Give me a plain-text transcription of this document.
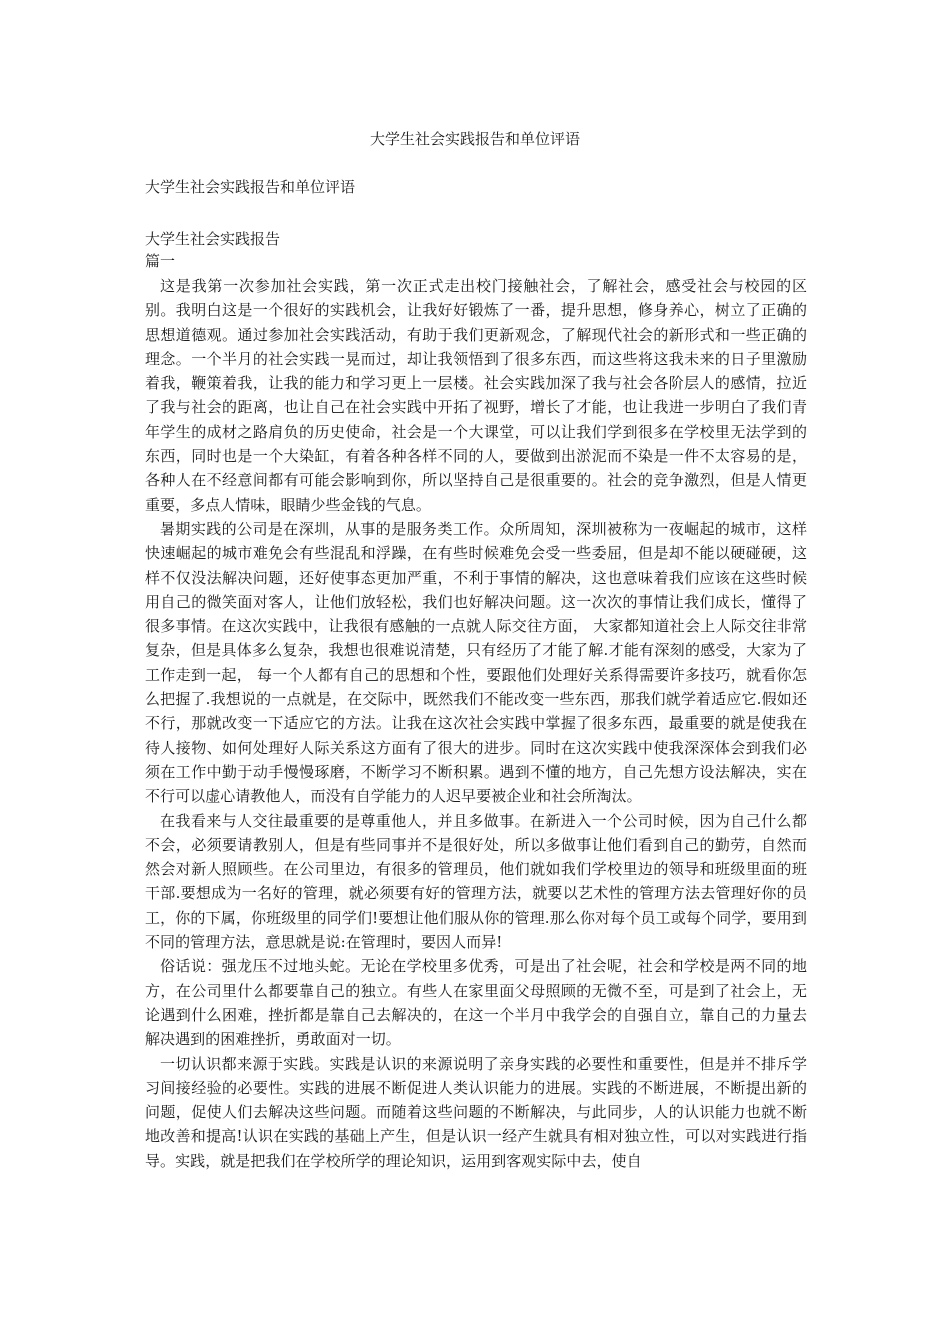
大学生社会实践报告和单位评语
大学生社会实践报告和单位评语
大学生社会实践报告
篇一

这是我第一次参加社会实践，第一次正式走出校门接触社会，了解社会，感受社会与校园的区别。我明白这是一个很好的实践机会，让我好好锻炼了一番，提升思想，修身养心，树立了正确的思想道德观。通过参加社会实践活动，有助于我们更新观念，了解现代社会的新形式和一些正确的理念。一个半月的社会实践一晃而过，却让我领悟到了很多东西，而这些将这我未来的日子里激励着我，鞭策着我，让我的能力和学习更上一层楼。社会实践加深了我与社会各阶层人的感情，拉近了我与社会的距离，也让自己在社会实践中开拓了视野，增长了才能，也让我进一步明白了我们青年学生的成材之路肩负的历史使命，社会是一个大课堂，可以让我们学到很多在学校里无法学到的东西，同时也是一个大染缸，有着各种各样不同的人，要做到出淤泥而不染是一件不太容易的是，各种人在不经意间都有可能会影响到你，所以坚持自己是很重要的。社会的竞争激烈，但是人情更重要，多点人情味，眼睛少些金钱的气息。

暑期实践的公司是在深圳，从事的是服务类工作。众所周知，深圳被称为一夜崛起的城市，这样快速崛起的城市难免会有些混乱和浮躁，在有些时候难免会受一些委屈，但是却不能以硬碰硬，这样不仅没法解决问题，还好使事态更加严重，不利于事情的解决，这也意味着我们应该在这些时候用自己的微笑面对客人，让他们放轻松，我们也好解决问题。这一次次的事情让我们成长，懂得了很多事情。在这次实践中，让我很有感触的一点就人际交往方面， 大家都知道社会上人际交往非常复杂，但是具体多么复杂，我想也很难说清楚，只有经历了才能了解.才能有深刻的感受，大家为了工作走到一起， 每一个人都有自己的思想和个性，要跟他们处理好关系得需要许多技巧，就看你怎么把握了.我想说的一点就是，在交际中，既然我们不能改变一些东西，那我们就学着适应它.假如还不行，那就改变一下适应它的方法。让我在这次社会实践中掌握了很多东西，最重要的就是使我在待人接物、如何处理好人际关系这方面有了很大的进步。同时在这次实践中使我深深体会到我们必须在工作中勤于动手慢慢琢磨，不断学习不断积累。遇到不懂的地方，自己先想方设法解决，实在不行可以虚心请教他人，而没有自学能力的人迟早要被企业和社会所淘汰。

在我看来与人交往最重要的是尊重他人，并且多做事。在新进入一个公司时候，因为自己什么都不会，必须要请教别人，但是有些同事并不是很好处，所以多做事让他们看到自己的勤劳，自然而然会对新人照顾些。在公司里边，有很多的管理员，他们就如我们学校里边的领导和班级里面的班干部.要想成为一名好的管理，就必须要有好的管理方法，就要以艺术性的管理方法去管理好你的员工，你的下属，你班级里的同学们!要想让他们服从你的管理.那么你对每个员工或每个同学，要用到不同的管理方法，意思就是说:在管理时，要因人而异!

俗话说：强龙压不过地头蛇。无论在学校里多优秀，可是出了社会呢，社会和学校是两不同的地方，在公司里什么都要靠自己的独立。有些人在家里面父母照顾的无微不至，可是到了社会上，无论遇到什么困难，挫折都是靠自己去解决的，在这一个半月中我学会的自强自立，靠自己的力量去解决遇到的困难挫折，勇敢面对一切。

一切认识都来源于实践。实践是认识的来源说明了亲身实践的必要性和重要性，但是并不排斥学习间接经验的必要性。实践的进展不断促进人类认识能力的进展。实践的不断进展，不断提出新的问题，促使人们去解决这些问题。而随着这些问题的不断解决，与此同步，人的认识能力也就不断地改善和提高!认识在实践的基础上产生，但是认识一经产生就具有相对独立性，可以对实践进行指导。实践，就是把我们在学校所学的理论知识，运用到客观实际中去，使自
